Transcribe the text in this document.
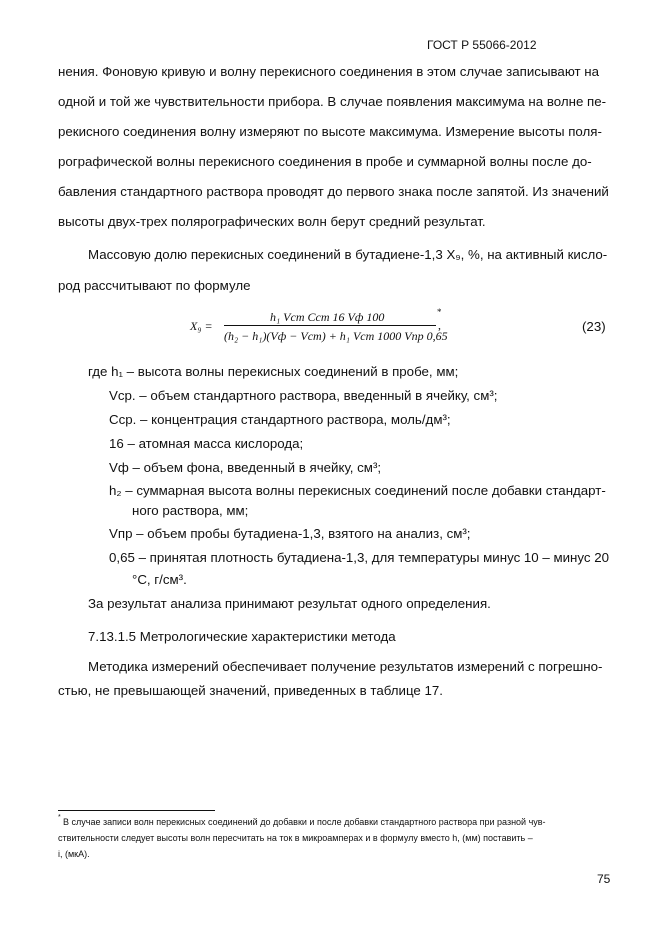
ГОСТ Р 55066-2012
нения. Фоновую кривую и волну перекисного соединения в этом случае записывают на
одной и той же чувствительности прибора. В случае появления максимума на волне пе-
рекисного соединения волну измеряют по высоте максимума. Измерение высоты поля-
рографической волны перекисного соединения в пробе и суммарной волны после до-
бавления стандартного раствора проводят до первого знака после запятой. Из значений
высоты двух-трех полярографических волн берут средний результат.
Массовую долю перекисных соединений в бутадиене-1,3 X₉, %, на активный кисло-
род рассчитывают по формуле
X₉ =
h₁ Vст Cст 16 Vф 100
(h₂ − h₁)(Vф − Vст) + h₁ Vст 1000 Vпр 0,65
*
,	(23)
где h₁ – высота волны перекисных соединений в пробе, мм;
Vср. – объем стандартного раствора, введенный в ячейку, см³;
Сср. – концентрация стандартного раствора, моль/дм³;
16 – атомная масса кислорода;
Vф – объем фона, введенный в ячейку, см³;
h₂ – суммарная высота волны перекисных соединений после добавки стандарт-
ного раствора, мм;
Vпр – объем пробы бутадиена-1,3, взятого на анализ, см³;
0,65 – принятая плотность бутадиена-1,3, для температуры минус 10 – минус 20
°С, г/см³.
За результат анализа принимают результат одного определения.
7.13.1.5 Метрологические характеристики метода
Методика измерений обеспечивает получение результатов измерений с погрешно-
стью, не превышающей значений, приведенных в таблице 17.
* В случае записи волн перекисных соединений до добавки и после добавки стандартного раствора при разной чув-
ствительности следует высоты волн пересчитать на ток в микроамперах и в формулу вместо h, (мм) поставить –
i, (мкА).
75
